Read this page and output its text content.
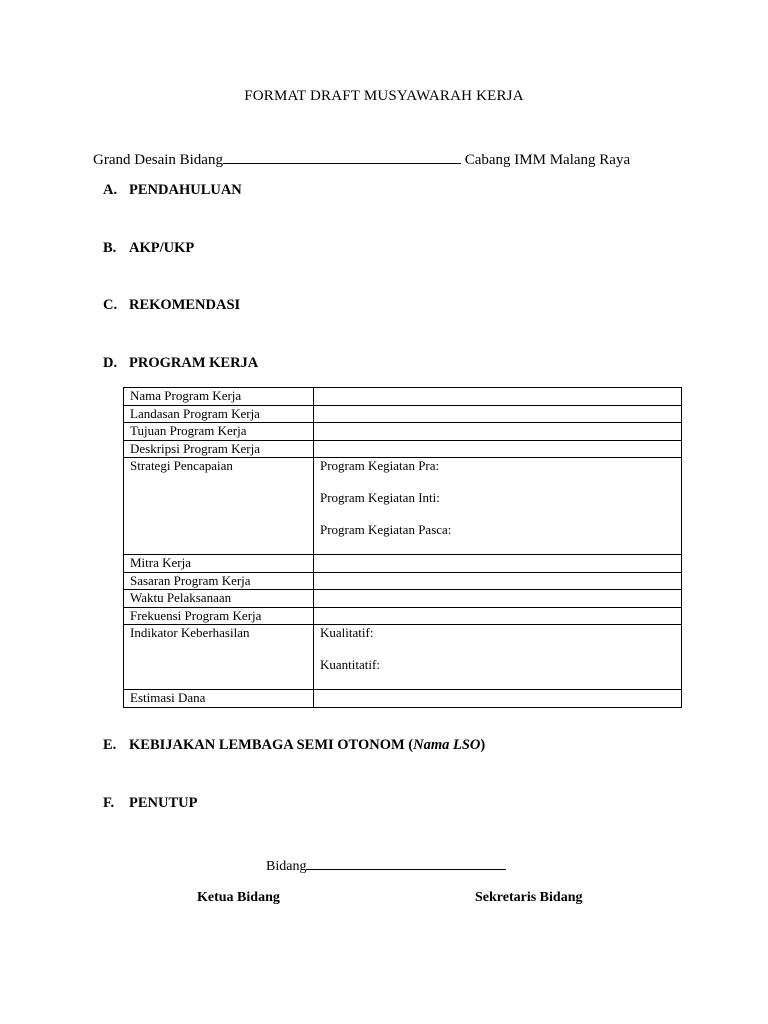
FORMAT DRAFT MUSYAWARAH KERJA
Grand Desain Bidang	Cabang IMM Malang Raya
A. PENDAHULUAN
B. AKP/UKP
C. REKOMENDASI
D. PROGRAM KERJA
Nama Program Kerja	
Landasan Program Kerja	
Tujuan Program Kerja	
Deskripsi Program Kerja	
Strategi Pencapaian	Program Kegiatan Pra:
Program Kegiatan Inti:
Program Kegiatan Pasca:

Mitra Kerja	
Sasaran Program Kerja	
Waktu Pelaksanaan	
Frekuensi Program Kerja	
Indikator Keberhasilan	Kualitatif:
Kuantitatif:

Estimasi Dana	
E. KEBIJAKAN LEMBAGA SEMI OTONOM (Nama LSO)
F. PENUTUP
Bidang
Ketua Bidang	Sekretaris Bidang
